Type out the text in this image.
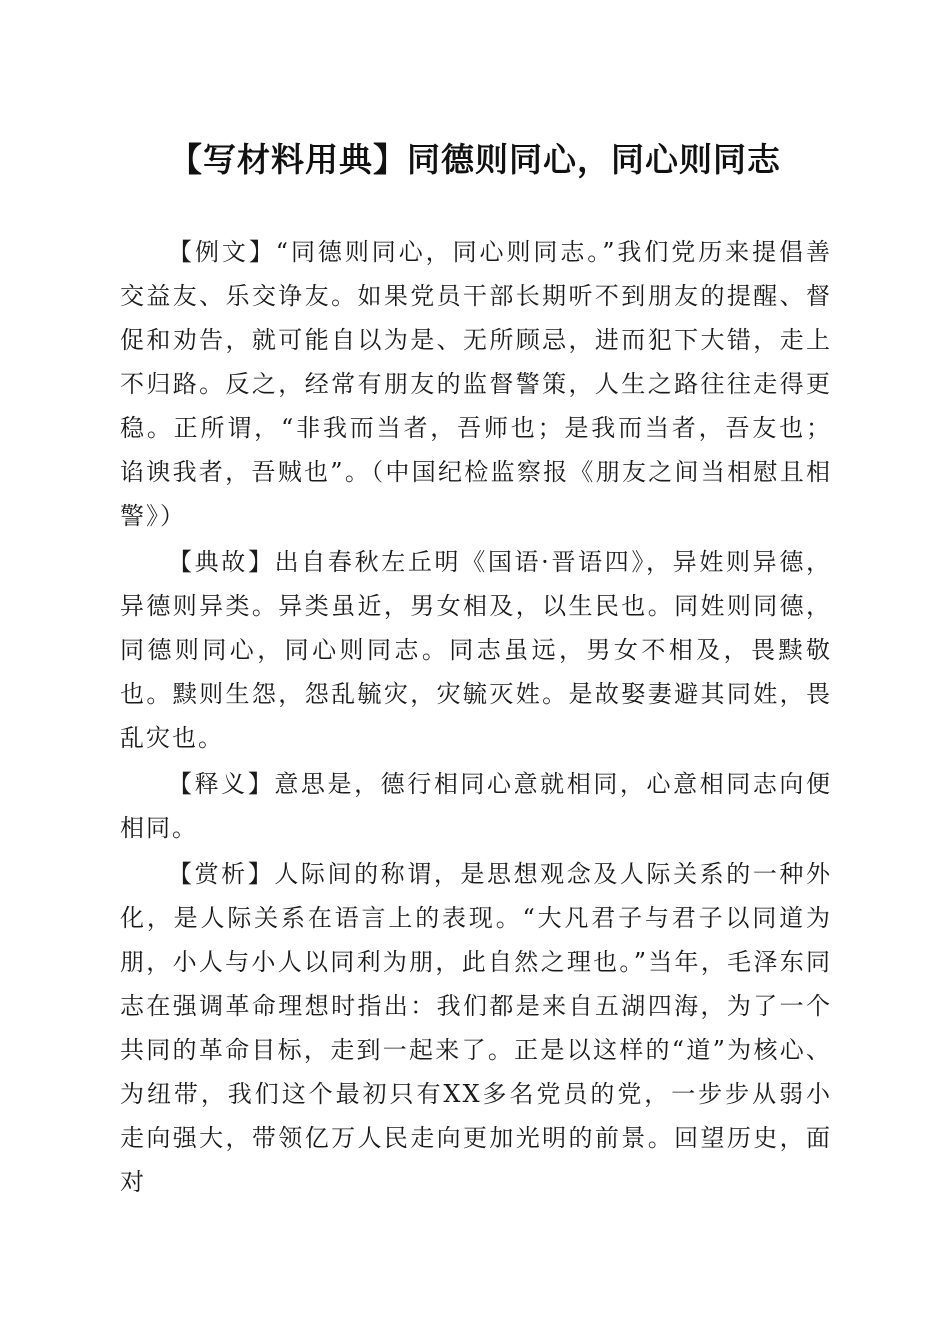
【写材料用典】同德则同心，同心则同志

【例文】“同德则同心，同心则同志。”我们党历来提倡善交益友、乐交诤友。如果党员干部长期听不到朋友的提醒、督促和劝告，就可能自以为是、无所顾忌，进而犯下大错，走上不归路。反之，经常有朋友的监督警策，人生之路往往走得更稳。正所谓，“非我而当者，吾师也；是我而当者，吾友也；谄谀我者，吾贼也”。（中国纪检监察报《朋友之间当相慰且相警》）

【典故】出自春秋左丘明《国语·晋语四》，异姓则异德，异德则异类。异类虽近，男女相及，以生民也。同姓则同德，同德则同心，同心则同志。同志虽远，男女不相及，畏黩敬也。黩则生怨，怨乱毓灾，灾毓灭姓。是故娶妻避其同姓，畏乱灾也。

【释义】意思是，德行相同心意就相同，心意相同志向便相同。

【赏析】人际间的称谓，是思想观念及人际关系的一种外化，是人际关系在语言上的表现。“大凡君子与君子以同道为朋，小人与小人以同利为朋，此自然之理也。”当年，毛泽东同志在强调革命理想时指出：我们都是来自五湖四海，为了一个共同的革命目标，走到一起来了。正是以这样的“道”为核心、为纽带，我们这个最初只有XX多名党员的党，一步步从弱小走向强大，带领亿万人民走向更加光明的前景。回望历史，面对
